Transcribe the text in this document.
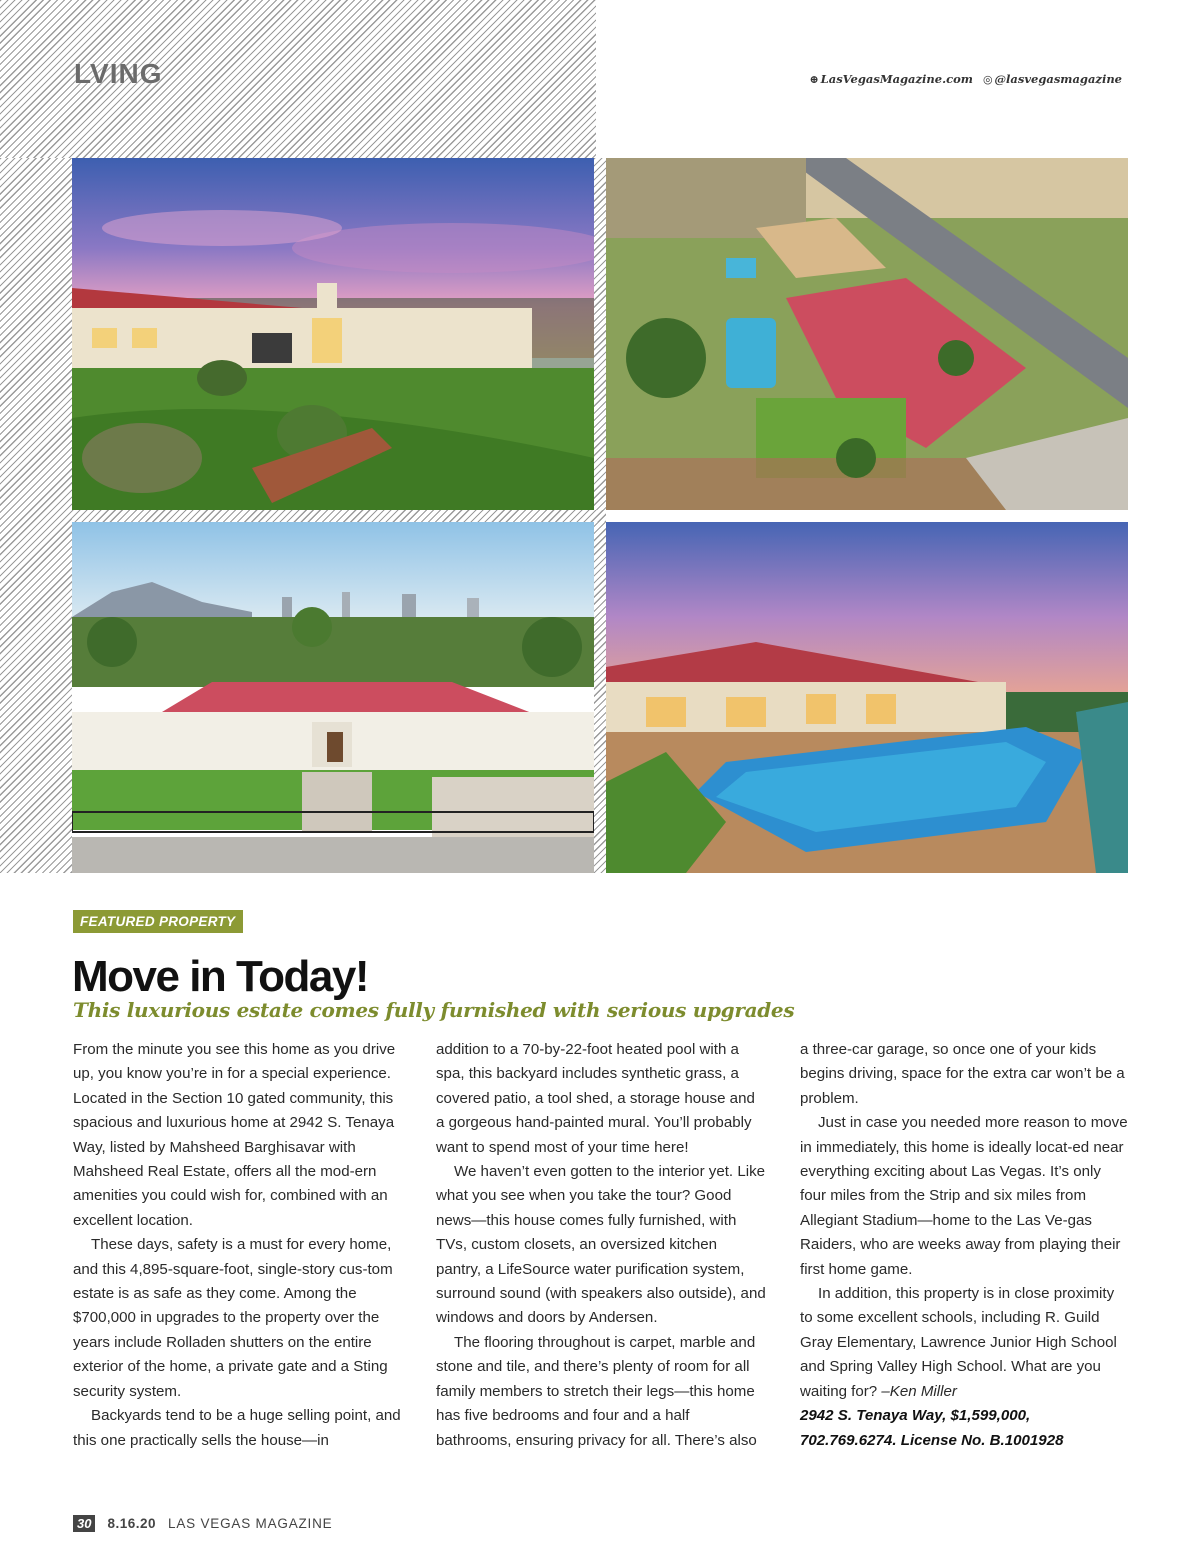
LVING	⊕ LasVegasMagazine.com ◎ @lasvegasmagazine
FEATURED PROPERTY
Move in Today!
This luxurious estate comes fully furnished with serious upgrades

From the minute you see this home as you drive up, you know you’re in for a special experience. Located in the Section 10 gated community, this spacious and luxurious home at 2942 S. Tenaya Way, listed by Mahsheed Barghisavar with Mahsheed Real Estate, offers all the mod-ern amenities you could wish for, combined with an excellent location.

These days, safety is a must for every home, and this 4,895-square-foot, single-story cus-tom estate is as safe as they come. Among the $700,000 in upgrades to the property over the years include Rolladen shutters on the entire exterior of the home, a private gate and a Sting security system.

Backyards tend to be a huge selling point, and this one practically sells the house—in

addition to a 70-by-22-foot heated pool with a spa, this backyard includes synthetic grass, a covered patio, a tool shed, a storage house and a gorgeous hand-painted mural. You’ll probably want to spend most of your time here!

We haven’t even gotten to the interior yet. Like what you see when you take the tour? Good news—this house comes fully furnished, with TVs, custom closets, an oversized kitchen pantry, a LifeSource water purification system, surround sound (with speakers also outside), and windows and doors by Andersen.

The flooring throughout is carpet, marble and stone and tile, and there’s plenty of room for all family members to stretch their legs—this home has five bedrooms and four and a half bathrooms, ensuring privacy for all. There’s also

a three-car garage, so once one of your kids begins driving, space for the extra car won’t be a problem.

Just in case you needed more reason to move in immediately, this home is ideally locat-ed near everything exciting about Las Vegas. It’s only four miles from the Strip and six miles from Allegiant Stadium—home to the Las Ve-gas Raiders, who are weeks away from playing their first home game.

In addition, this property is in close proximity to some excellent schools, including R. Guild Gray Elementary, Lawrence Junior High School and Spring Valley High School. What are you waiting for? –Ken Miller

2942 S. Tenaya Way, $1,599,000, 702.769.6274. License No. B.1001928

30 8.16.20 LAS VEGAS MAGAZINE
